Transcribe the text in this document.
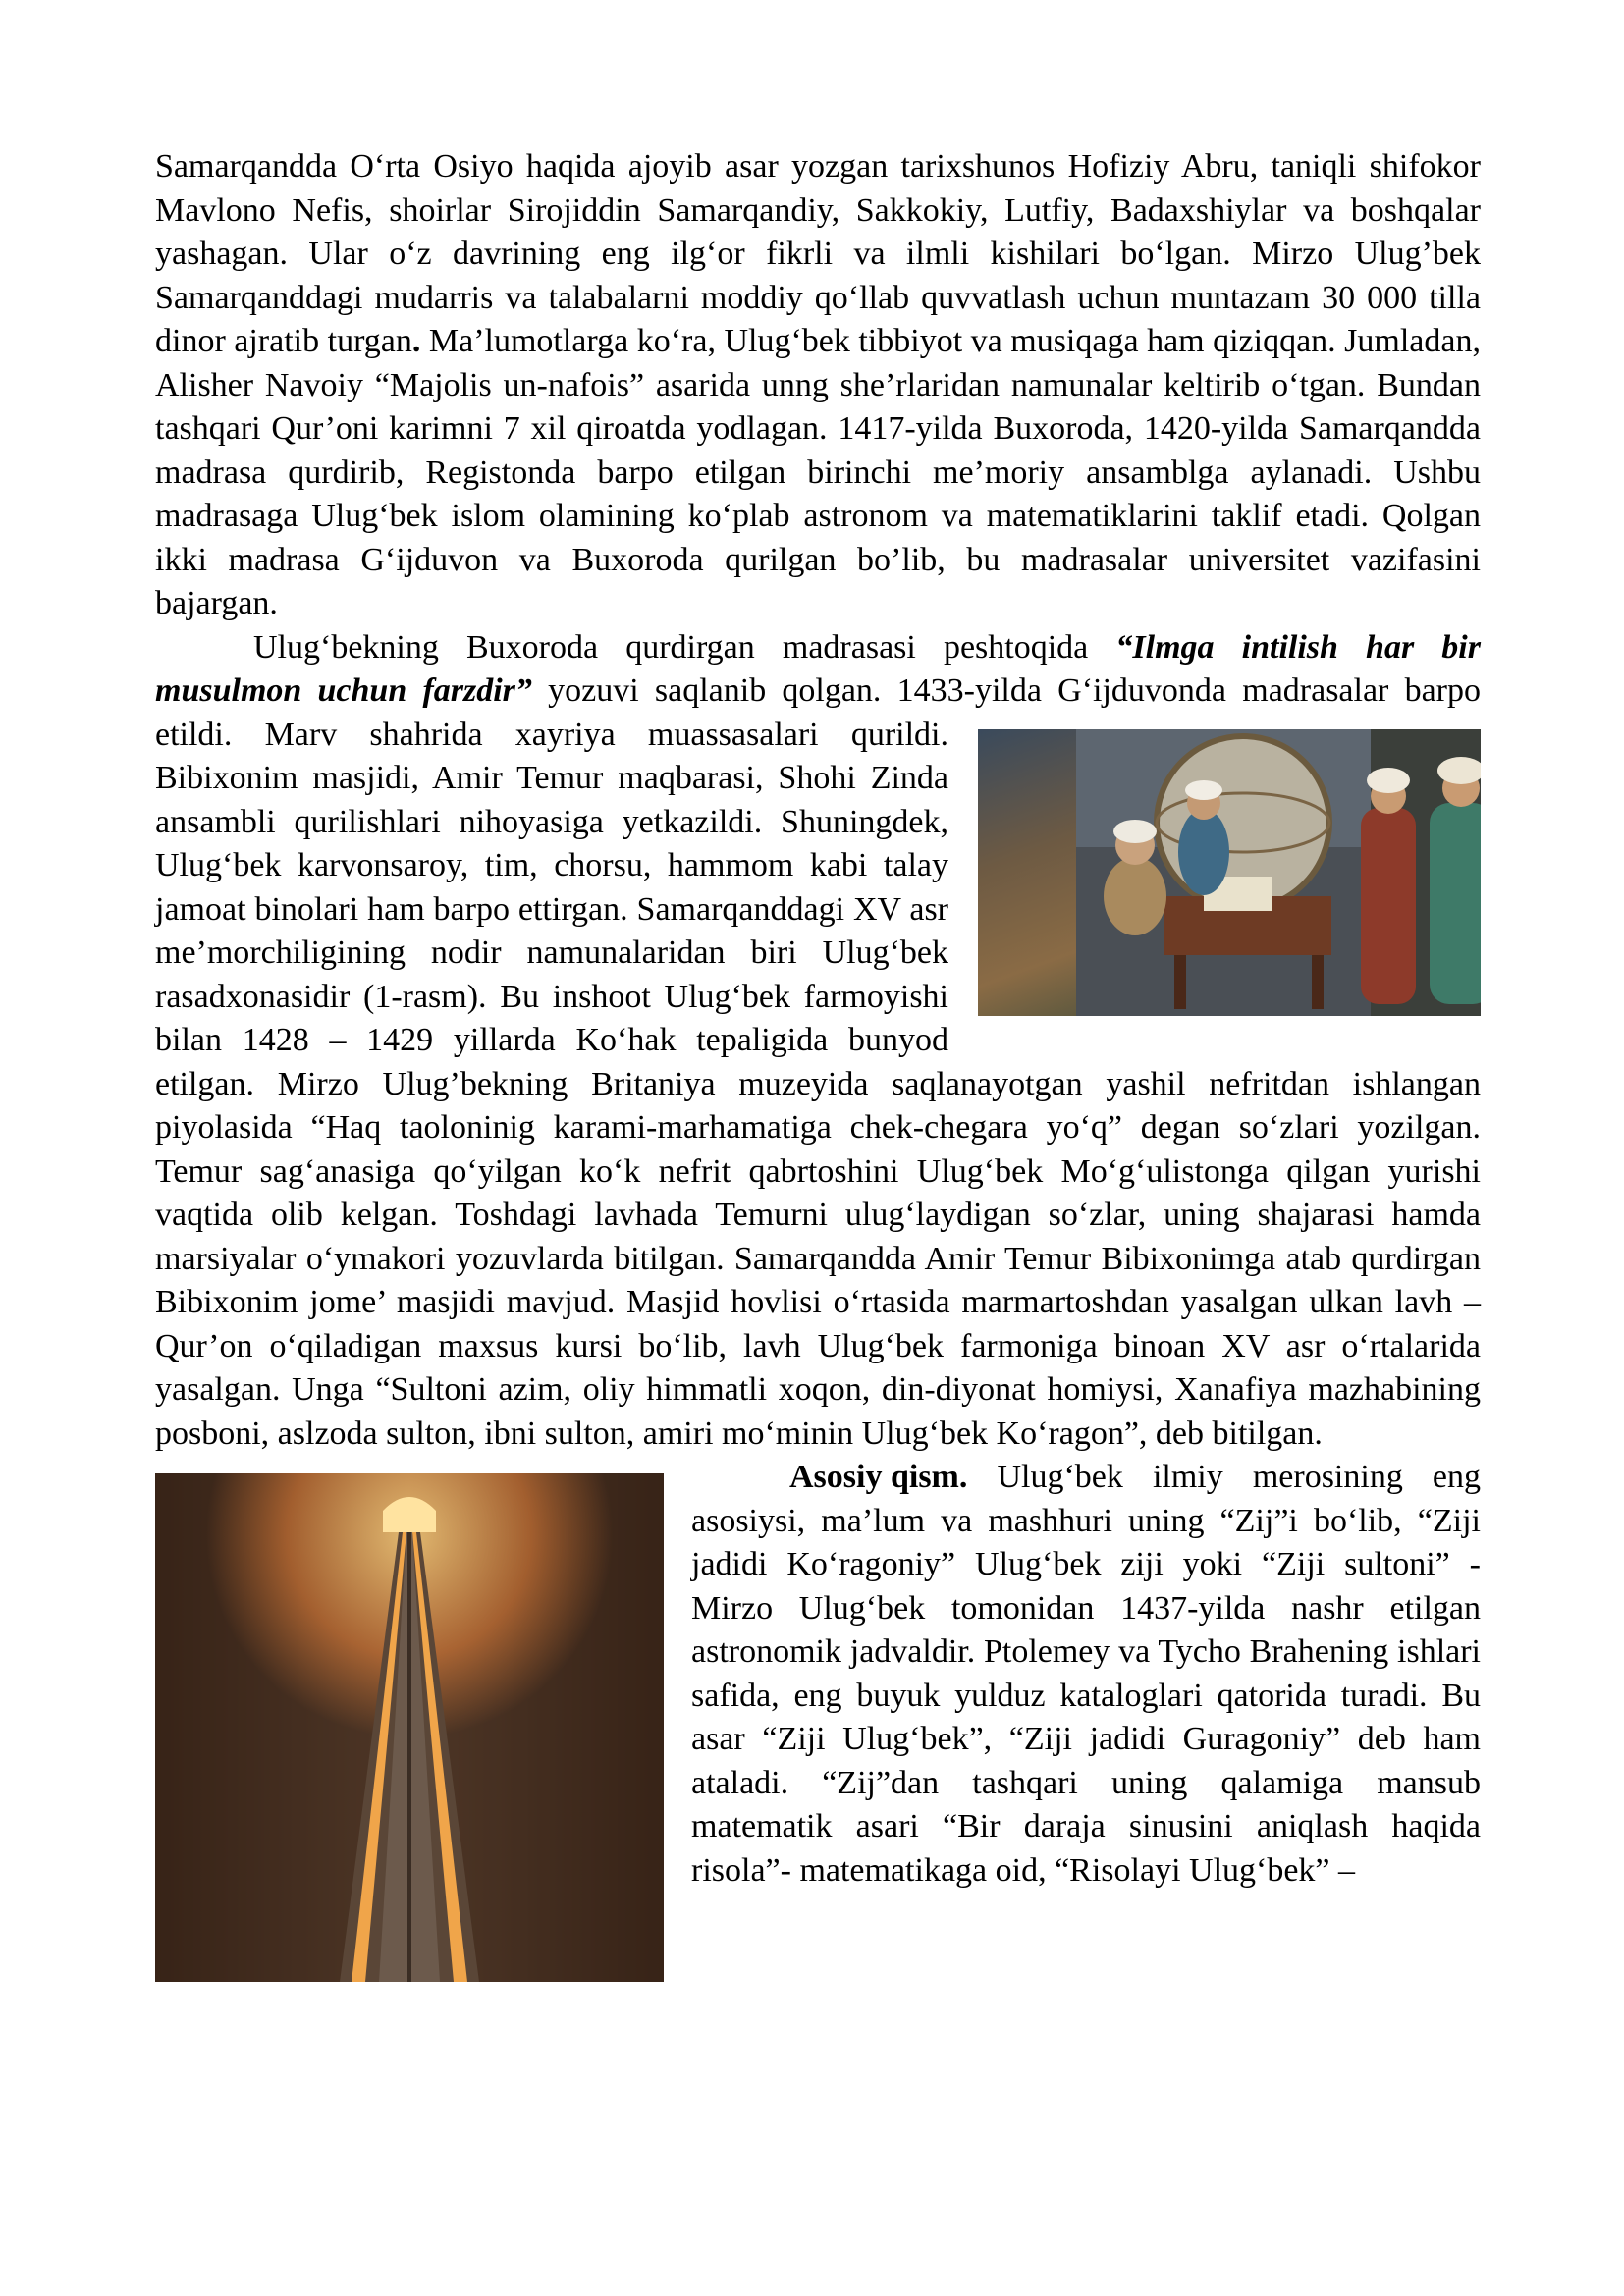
Samarqandda O‘rta Osiyo haqida ajoyib asar yozgan tarixshunos Hofiziy Abru, taniqli shifokor Mavlono Nefis, shoirlar Sirojiddin Samarqandiy, Sakkokiy, Lutfiy, Badaxshiylar va boshqalar yashagan. Ular o‘z davrining eng ilg‘or fikrli va ilmli kishilari bo‘lgan. Mirzo Ulug’bek Samarqanddagi mudarris va talabalarni moddiy qo‘llab quvvatlash uchun muntazam 30 000 tilla dinor ajratib turgan. Ma’lumotlarga ko‘ra, Ulug‘bek tibbiyot va musiqaga ham qiziqqan. Jumladan, Alisher Navoiy “Majolis un-nafois” asarida unng she’rlaridan namunalar keltirib o‘tgan. Bundan tashqari Qur’oni karimni 7 xil qiroatda yodlagan. 1417-yilda Buxoroda, 1420-yilda Samarqandda madrasa qurdirib, Registonda barpo etilgan birinchi me’moriy ansamblga aylanadi. Ushbu madrasaga Ulug‘bek islom olamining ko‘plab astronom va matematiklarini taklif etadi. Qolgan ikki madrasa G‘ijduvon va Buxoroda qurilgan bo’lib, bu madrasalar universitet vazifasini bajargan.

Ulug‘bekning Buxoroda qurdirgan madrasasi peshtoqida “Ilmga intilish har bir musulmon uchun farzdir” yozuvi saqlanib qolgan. 1433-yilda G‘ijduvonda
madrasalar barpo etildi. Marv shahrida xayriya muassasalari qurildi. Bibixonim masjidi, Amir Temur maqbarasi, Shohi Zinda ansambli qurilishlari nihoyasiga yetkazildi. Shuningdek, Ulug‘bek karvonsaroy, tim, chorsu, hammom kabi talay jamoat binolari ham barpo ettirgan. Samarqanddagi XV asr me’morchiligining nodir namunalaridan biri Ulug‘bek rasadxonasidir (1-rasm). Bu inshoot Ulug‘bek farmoyishi bilan 1428 – 1429 yillarda Ko‘hak tepaligida bunyod etilgan. Mirzo Ulug’bekning Britaniya muzeyida saqlanayotgan yashil nefritdan ishlangan piyolasida “Haq taoloninig karami-marhamatiga chek-chegara yo‘q” degan so‘zlari yozilgan. Temur sag‘anasiga qo‘yilgan ko‘k nefrit qabrtoshini Ulug‘bek Mo‘g‘ulistonga qilgan yurishi vaqtida olib kelgan. Toshdagi lavhada Temurni ulug‘laydigan so‘zlar, uning shajarasi hamda marsiyalar o‘ymakori yozuvlarda bitilgan. Samarqandda Amir Temur Bibixonimga atab qurdirgan Bibixonim jome’ masjidi mavjud. Masjid hovlisi o‘rtasida marmartoshdan yasalgan ulkan lavh – Qur’on o‘qiladigan maxsus kursi bo‘lib, lavh Ulug‘bek farmoniga binoan XV asr o‘rtalarida yasalgan. Unga “Sultoni azim, oliy himmatli xoqon, din-diyonat homiysi, Xanafiya mazhabining posboni, aslzoda sulton, ibni sulton, amiri mo‘minin Ulug‘bek Ko‘ragon”, deb bitilgan.

Asosiy qism. Ulug‘bek ilmiy merosining eng asosiysi, ma’lum va mashhuri uning “Zij”i bo‘lib, “Ziji jadidi Ko‘ragoniy” Ulug‘bek ziji yoki “Ziji sultoni” - Mirzo Ulug‘bek tomonidan 1437-yilda nashr etilgan astronomik jadvaldir. Ptolemey va Tycho Brahening ishlari safida, eng buyuk yulduz kataloglari qatorida turadi. Bu asar “Ziji Ulug‘bek”, “Ziji jadidi Guragoniy” deb ham ataladi. “Zij”dan tashqari uning qalamiga mansub matematik asari “Bir daraja sinusini aniqlash haqida risola”- matematikaga oid, “Risolayi Ulug‘bek” –
